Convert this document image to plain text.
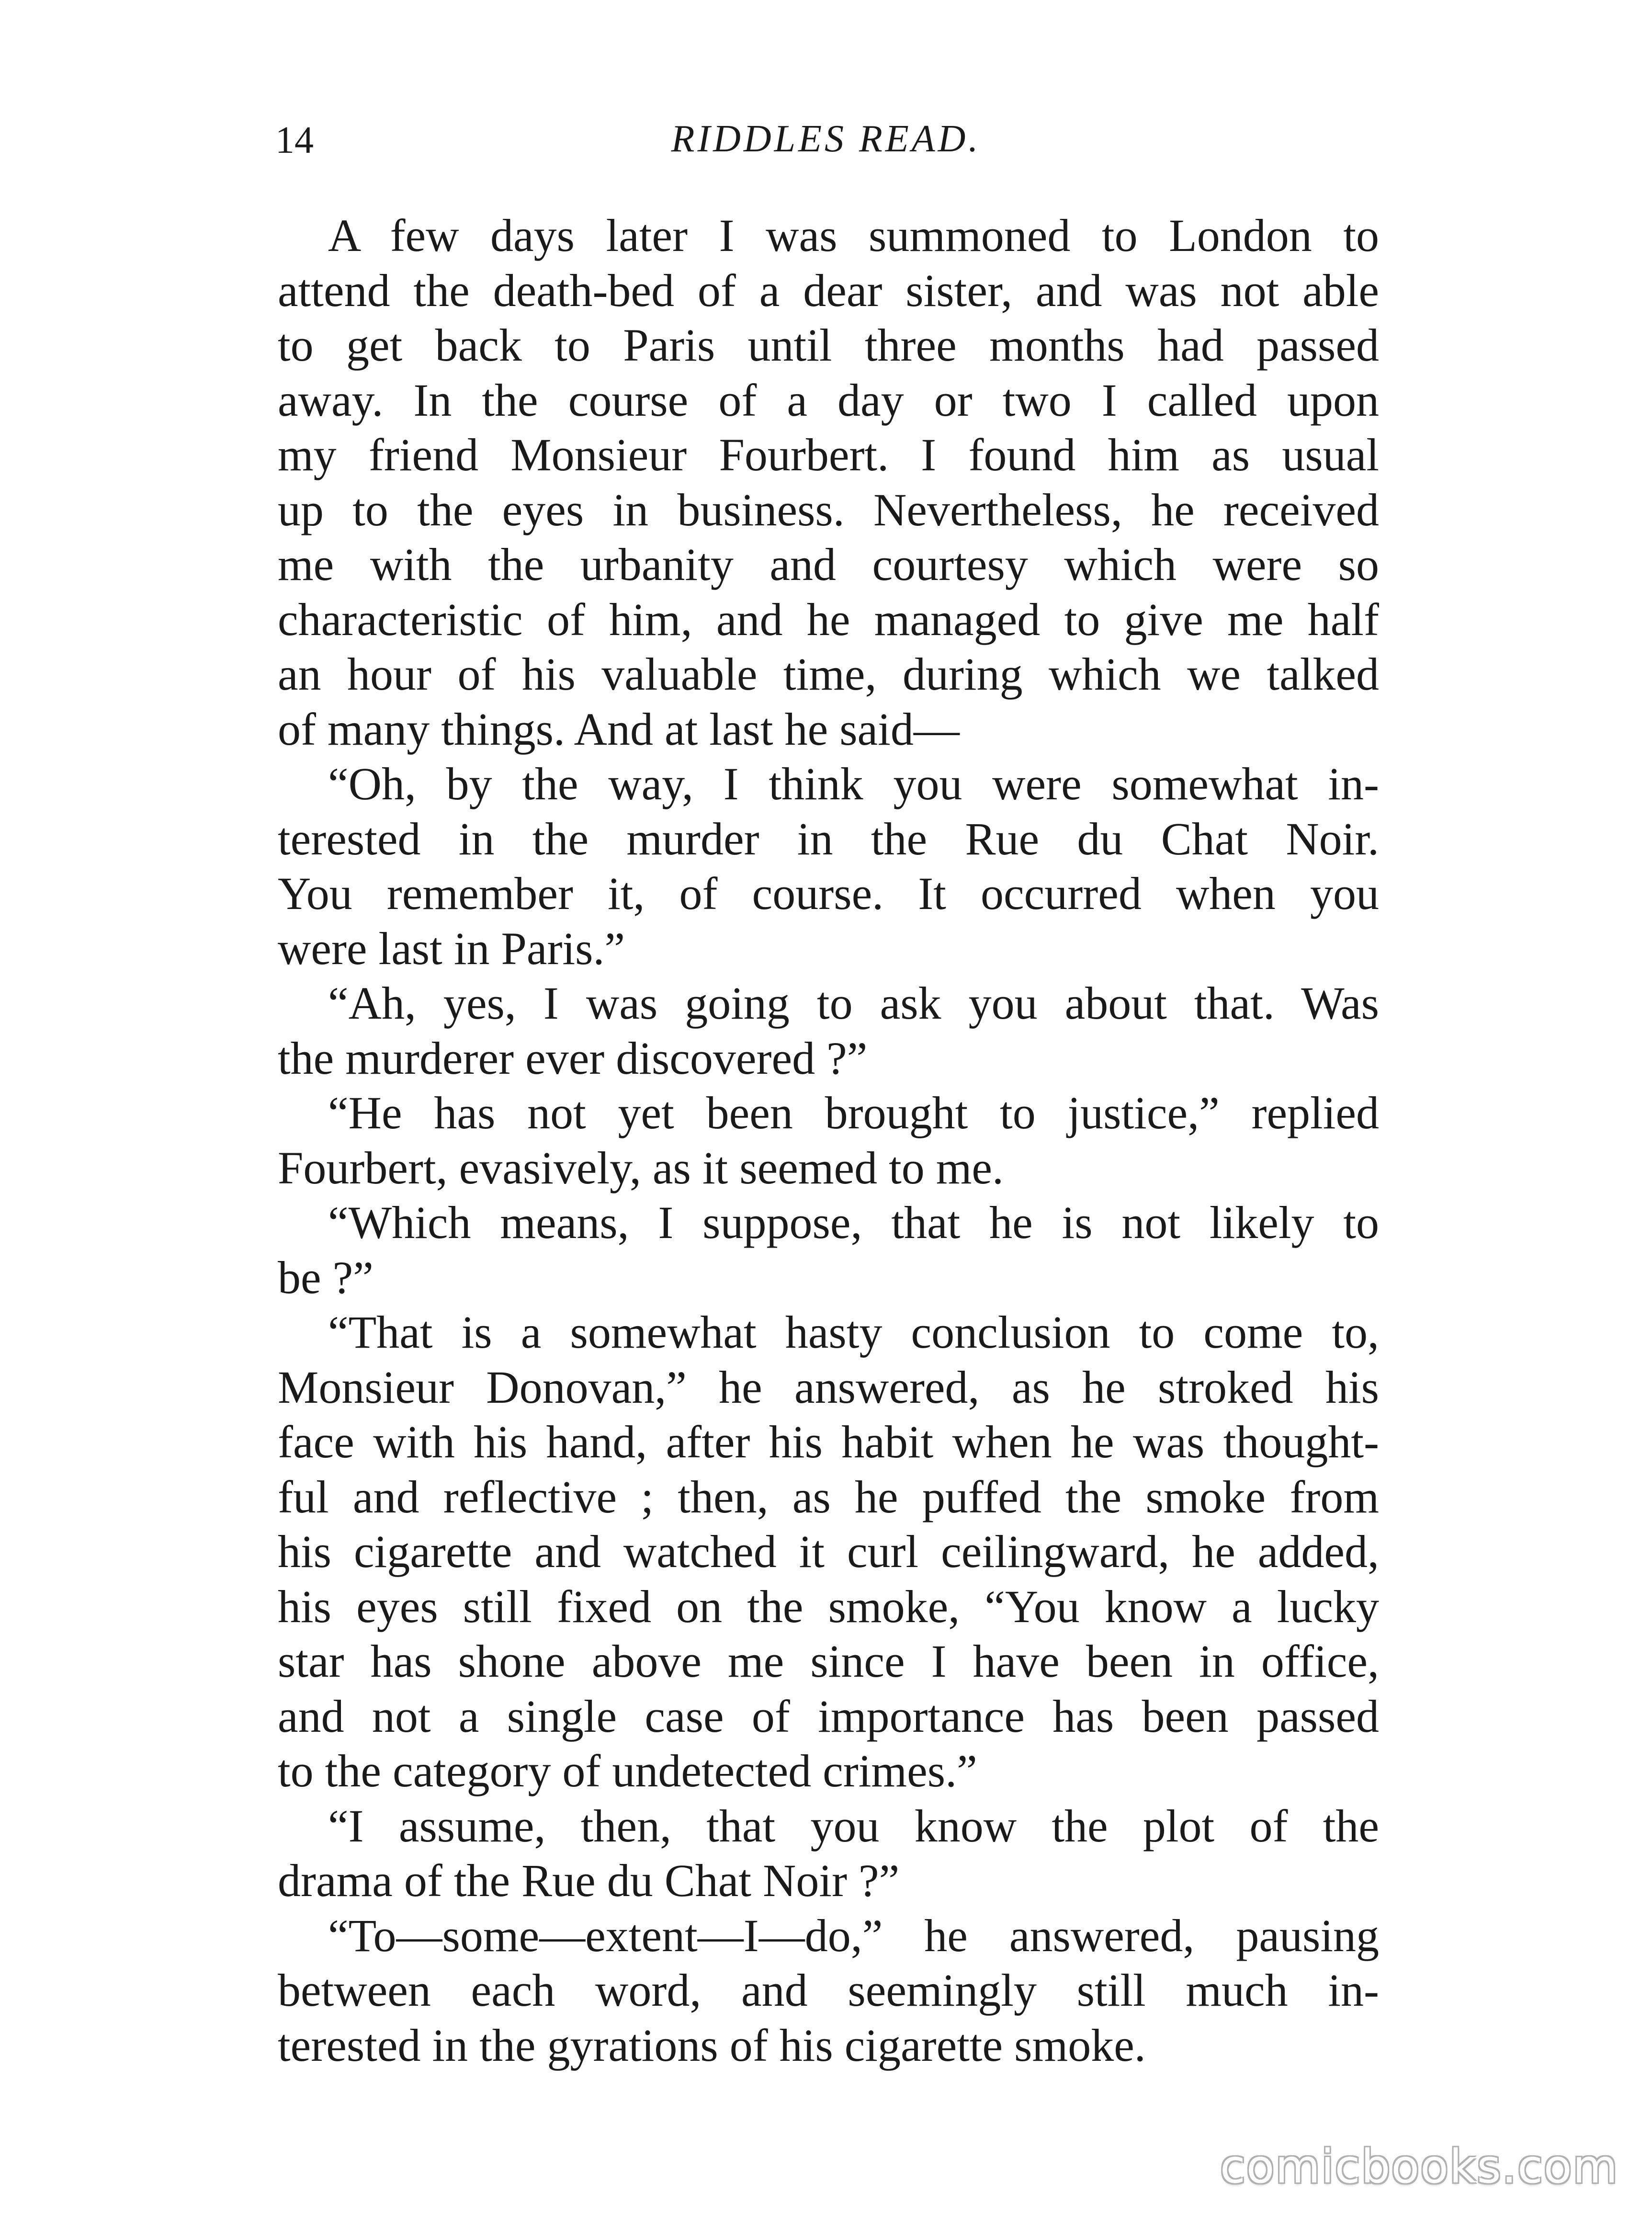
14	RIDDLES READ.
A few days later I was summoned to London to
attend the death-bed of a dear sister, and was not able
to get back to Paris until three months had passed
away. In the course of a day or two I called upon
my friend Monsieur Fourbert. I found him as usual
up to the eyes in business. Nevertheless, he received
me with the urbanity and courtesy which were so
characteristic of him, and he managed to give me half
an hour of his valuable time, during which we talked
of many things. And at last he said—
“Oh, by the way, I think you were somewhat in-
terested in the murder in the Rue du Chat Noir.
You remember it, of course. It occurred when you
were last in Paris.”
“Ah, yes, I was going to ask you about that. Was
the murderer ever discovered ?”
“He has not yet been brought to justice,” replied
Fourbert, evasively, as it seemed to me.
“Which means, I suppose, that he is not likely to
be ?”
“That is a somewhat hasty conclusion to come to,
Monsieur Donovan,” he answered, as he stroked his
face with his hand, after his habit when he was thought-
ful and reflective ; then, as he puffed the smoke from
his cigarette and watched it curl ceilingward, he added,
his eyes still fixed on the smoke, “You know a lucky
star has shone above me since I have been in office,
and not a single case of importance has been passed
to the category of undetected crimes.”
“I assume, then, that you know the plot of the
drama of the Rue du Chat Noir ?”
“To—some—extent—I—do,” he answered, pausing
between each word, and seemingly still much in-
terested in the gyrations of his cigarette smoke.
comicbooks.com
